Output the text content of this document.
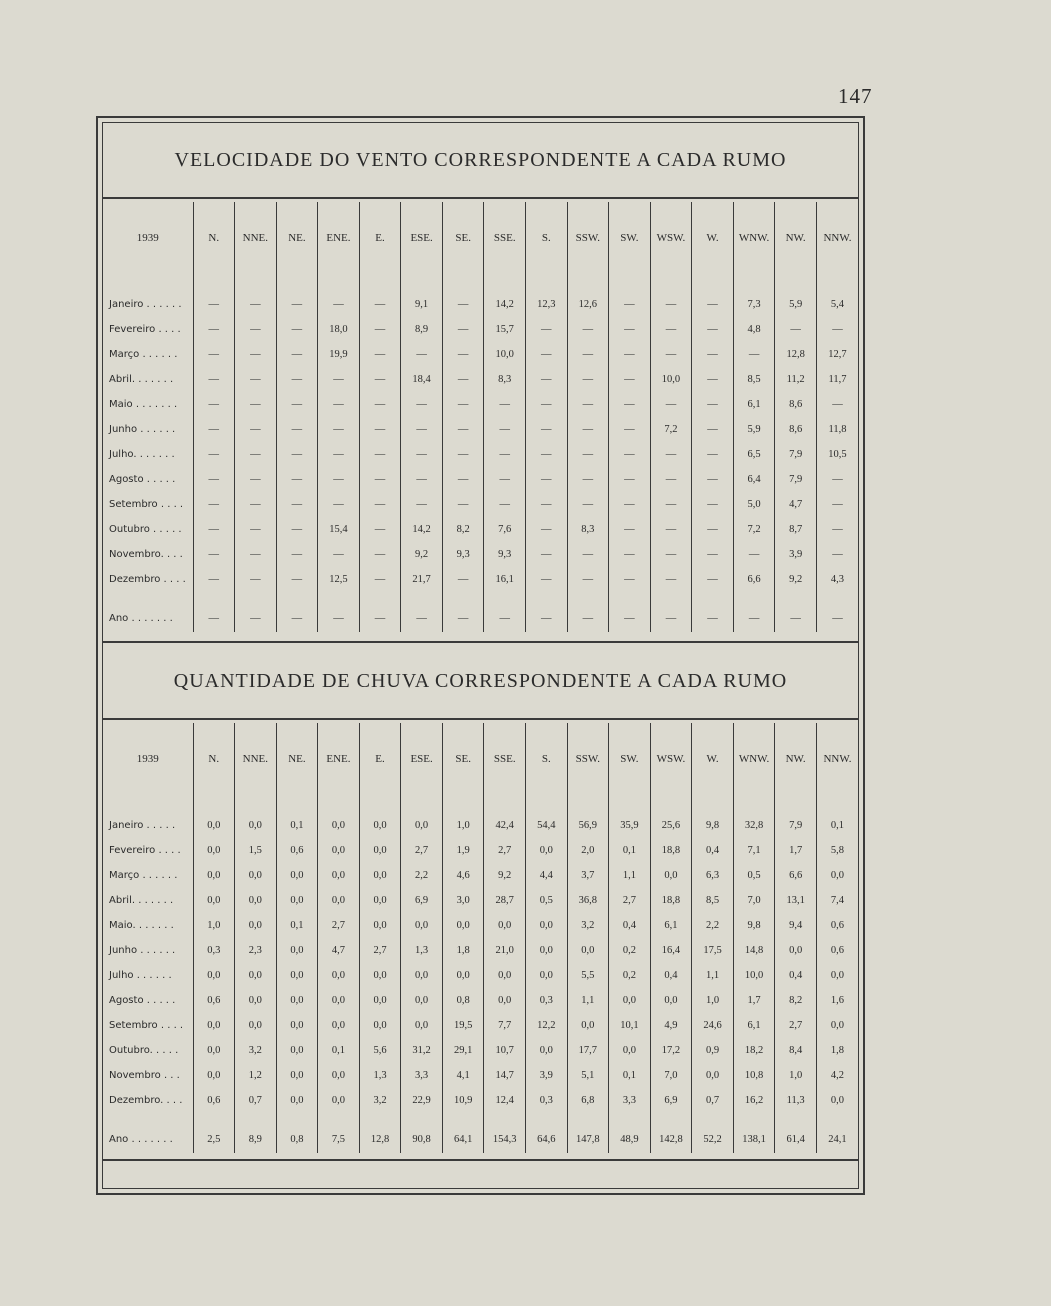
147
VELOCIDADE DO VENTO CORRESPONDENTE A CADA RUMO
1939	N.	NNE.	NE.	ENE.	E.	ESE.	SE.	SSE.	S.	SSW.	SW.	WSW.	W.	WNW.	NW.	NNW.

Janeiro . . . . . .	—	—	—	—	—	9,1	—	14,2	12,3	12,6	—	—	—	7,3	5,9	5,4
Fevereiro . . . .	—	—	—	18,0	—	8,9	—	15,7	—	—	—	—	—	4,8	—	—
Março . . . . . .	—	—	—	19,9	—	—	—	10,0	—	—	—	—	—	—	12,8	12,7
Abril. . . . . . .	—	—	—	—	—	18,4	—	8,3	—	—	—	10,0	—	8,5	11,2	11,7
Maio . . . . . . .	—	—	—	—	—	—	—	—	—	—	—	—	—	6,1	8,6	—
Junho . . . . . .	—	—	—	—	—	—	—	—	—	—	—	7,2	—	5,9	8,6	11,8
Julho. . . . . . .	—	—	—	—	—	—	—	—	—	—	—	—	—	6,5	7,9	10,5
Agosto . . . . .	—	—	—	—	—	—	—	—	—	—	—	—	—	6,4	7,9	—
Setembro . . . .	—	—	—	—	—	—	—	—	—	—	—	—	—	5,0	4,7	—
Outubro . . . . .	—	—	—	15,4	—	14,2	8,2	7,6	—	8,3	—	—	—	7,2	8,7	—
Novembro. . . .	—	—	—	—	—	9,2	9,3	9,3	—	—	—	—	—	—	3,9	—
Dezembro . . . .	—	—	—	12,5	—	21,7	—	16,1	—	—	—	—	—	6,6	9,2	4,3

Ano . . . . . . .	—	—	—	—	—	—	—	—	—	—	—	—	—	—	—	—
QUANTIDADE DE CHUVA CORRESPONDENTE A CADA RUMO
1939	N.	NNE.	NE.	ENE.	E.	ESE.	SE.	SSE.	S.	SSW.	SW.	WSW.	W.	WNW.	NW.	NNW.

Janeiro . . . . .	0,0	0,0	0,1	0,0	0,0	0,0	1,0	42,4	54,4	56,9	35,9	25,6	9,8	32,8	7,9	0,1
Fevereiro . . . .	0,0	1,5	0,6	0,0	0,0	2,7	1,9	2,7	0,0	2,0	0,1	18,8	0,4	7,1	1,7	5,8
Março . . . . . .	0,0	0,0	0,0	0,0	0,0	2,2	4,6	9,2	4,4	3,7	1,1	0,0	6,3	0,5	6,6	0,0
Abril. . . . . . .	0,0	0,0	0,0	0,0	0,0	6,9	3,0	28,7	0,5	36,8	2,7	18,8	8,5	7,0	13,1	7,4
Maio. . . . . . .	1,0	0,0	0,1	2,7	0,0	0,0	0,0	0,0	0,0	3,2	0,4	6,1	2,2	9,8	9,4	0,6
Junho . . . . . .	0,3	2,3	0,0	4,7	2,7	1,3	1,8	21,0	0,0	0,0	0,2	16,4	17,5	14,8	0,0	0,6
Julho . . . . . .	0,0	0,0	0,0	0,0	0,0	0,0	0,0	0,0	0,0	5,5	0,2	0,4	1,1	10,0	0,4	0,0
Agosto . . . . .	0,6	0,0	0,0	0,0	0,0	0,0	0,8	0,0	0,3	1,1	0,0	0,0	1,0	1,7	8,2	1,6
Setembro . . . .	0,0	0,0	0,0	0,0	0,0	0,0	19,5	7,7	12,2	0,0	10,1	4,9	24,6	6,1	2,7	0,0
Outubro. . . . .	0,0	3,2	0,0	0,1	5,6	31,2	29,1	10,7	0,0	17,7	0,0	17,2	0,9	18,2	8,4	1,8
Novembro . . .	0,0	1,2	0,0	0,0	1,3	3,3	4,1	14,7	3,9	5,1	0,1	7,0	0,0	10,8	1,0	4,2
Dezembro. . . .	0,6	0,7	0,0	0,0	3,2	22,9	10,9	12,4	0,3	6,8	3,3	6,9	0,7	16,2	11,3	0,0

Ano . . . . . . .	2,5	8,9	0,8	7,5	12,8	90,8	64,1	154,3	64,6	147,8	48,9	142,8	52,2	138,1	61,4	24,1
